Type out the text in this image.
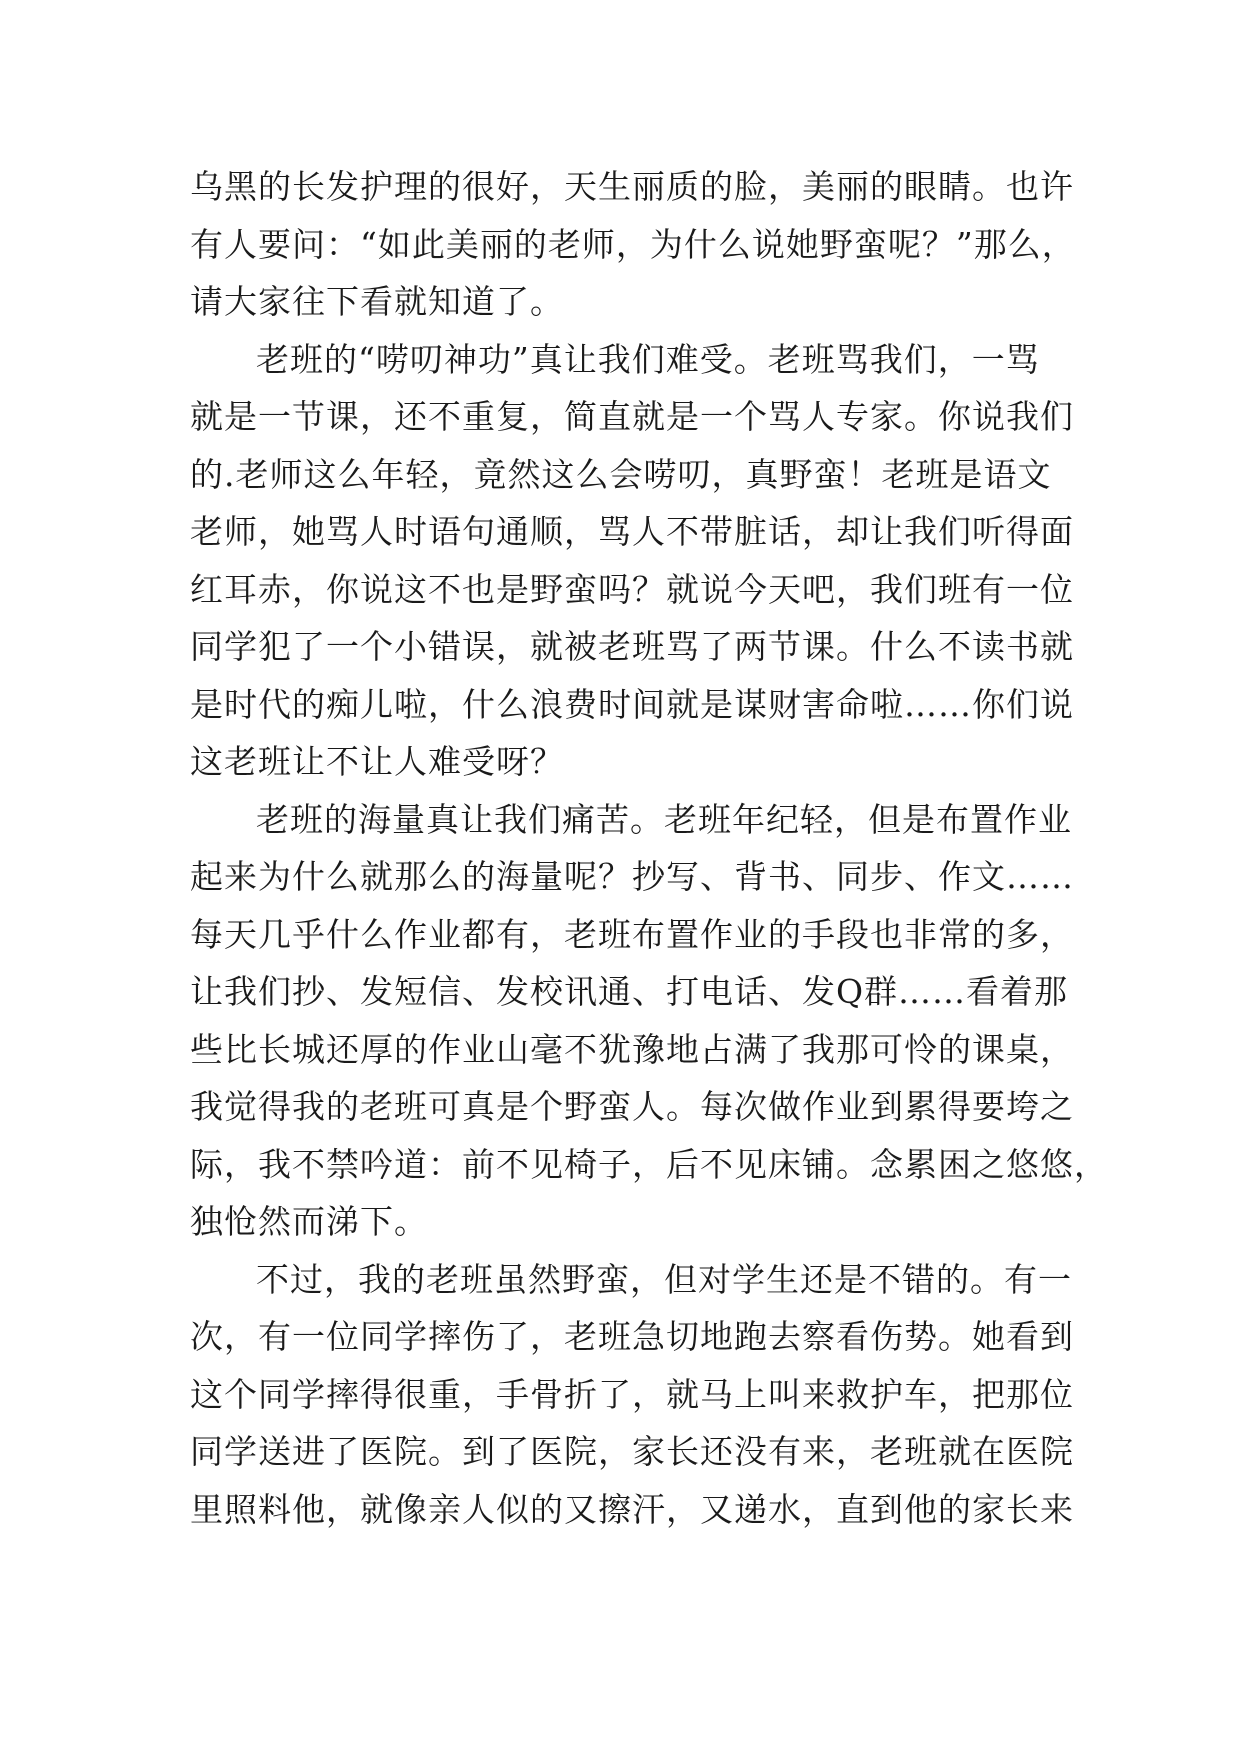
乌黑的长发护理的很好，天生丽质的脸，美丽的眼睛。也许

有人要问：“如此美丽的老师，为什么说她野蛮呢？”那么，

请大家往下看就知道了。

老班的“唠叨神功”真让我们难受。老班骂我们，一骂

就是一节课，还不重复，简直就是一个骂人专家。你说我们

的.老师这么年轻，竟然这么会唠叨，真野蛮！老班是语文

老师，她骂人时语句通顺，骂人不带脏话，却让我们听得面

红耳赤，你说这不也是野蛮吗？就说今天吧，我们班有一位

同学犯了一个小错误，就被老班骂了两节课。什么不读书就

是时代的痴儿啦，什么浪费时间就是谋财害命啦……你们说

这老班让不让人难受呀？

老班的海量真让我们痛苦。老班年纪轻，但是布置作业

起来为什么就那么的海量呢？抄写、背书、同步、作文……

每天几乎什么作业都有，老班布置作业的手段也非常的多，

让我们抄、发短信、发校讯通、打电话、发Q群……看着那

些比长城还厚的作业山毫不犹豫地占满了我那可怜的课桌，

我觉得我的老班可真是个野蛮人。每次做作业到累得要垮之

际，我不禁吟道：前不见椅子，后不见床铺。念累困之悠悠，

独怆然而涕下。

不过，我的老班虽然野蛮，但对学生还是不错的。有一

次，有一位同学摔伤了，老班急切地跑去察看伤势。她看到

这个同学摔得很重，手骨折了，就马上叫来救护车，把那位

同学送进了医院。到了医院，家长还没有来，老班就在医院

里照料他，就像亲人似的又擦汗，又递水，直到他的家长来
